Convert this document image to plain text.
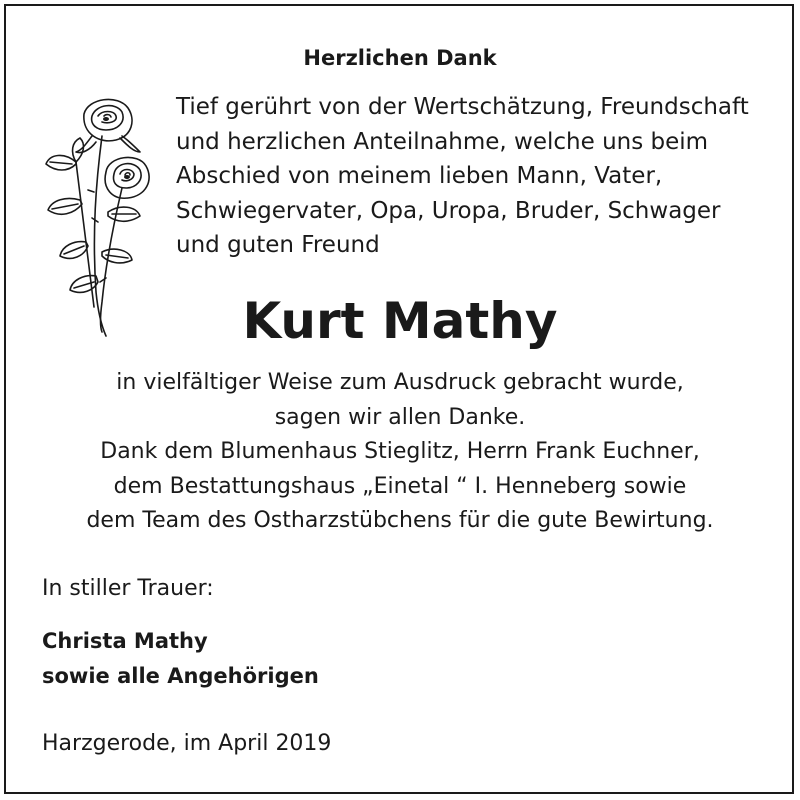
Herzlichen Dank
Tief gerührt von der Wertschätzung, Freundschaft
und herzlichen Anteilnahme, welche uns beim
Abschied von meinem lieben Mann, Vater,
Schwiegervater, Opa, Uropa, Bruder, Schwager
und guten Freund
Kurt Mathy
in vielfältiger Weise zum Ausdruck gebracht wurde,
sagen wir allen Danke.
Dank dem Blumenhaus Stieglitz, Herrn Frank Euchner,
dem Bestattungshaus „Einetal “ I. Henneberg sowie
dem Team des Ostharzstübchens für die gute Bewirtung.
In stiller Trauer:
Christa Mathy
sowie alle Angehörigen
Harzgerode, im April 2019
